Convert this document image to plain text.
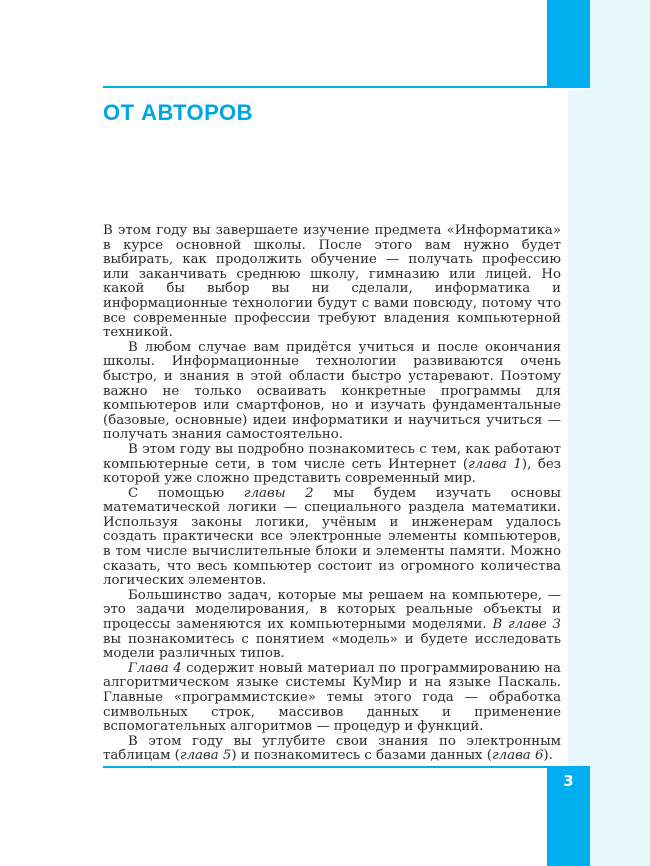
ОТ АВТОРОВ

В этом году вы завершаете изучение предмета «Информатика» в курсе основной школы. После этого вам нужно будет выбирать, как продолжить обучение — получать профессию или заканчивать среднюю школу, гимназию или лицей. Но какой бы выбор вы ни сделали, информатика и информационные технологии будут с вами повсюду, потому что все современные профессии требуют владения компьютерной техникой.

В любом случае вам придётся учиться и после окончания школы. Информационные технологии развиваются очень быстро, и знания в этой области быстро устаревают. Поэтому важно не только осваивать конкретные программы для компьютеров или смартфонов, но и изучать фундаментальные (базовые, основные) идеи информатики и научиться учиться — получать знания самостоятельно.

В этом году вы подробно познакомитесь с тем, как работают компьютерные сети, в том числе сеть Интернет (глава 1), без которой уже сложно представить современный мир.

С помощью главы 2 мы будем изучать основы математической логики — специального раздела математики. Используя законы логики, учёным и инженерам удалось создать практически все электронные элементы компьютеров, в том числе вычислительные блоки и элементы памяти. Можно сказать, что весь компьютер состоит из огромного количества логических элементов.

Большинство задач, которые мы решаем на компьютере, — это задачи моделирования, в которых реальные объекты и процессы заменяются их компьютерными моделями. В главе 3 вы познакомитесь с понятием «модель» и будете исследовать модели различных типов.

Глава 4 содержит новый материал по программированию на алгоритмическом языке системы КуМир и на языке Паскаль. Главные «программистские» темы этого года — обработка символьных строк, массивов данных и применение вспомогательных алгоритмов — процедур и функций.

В этом году вы углубите свои знания по электронным таблицам (глава 5) и познакомитесь с базами данных (глава 6).

3
